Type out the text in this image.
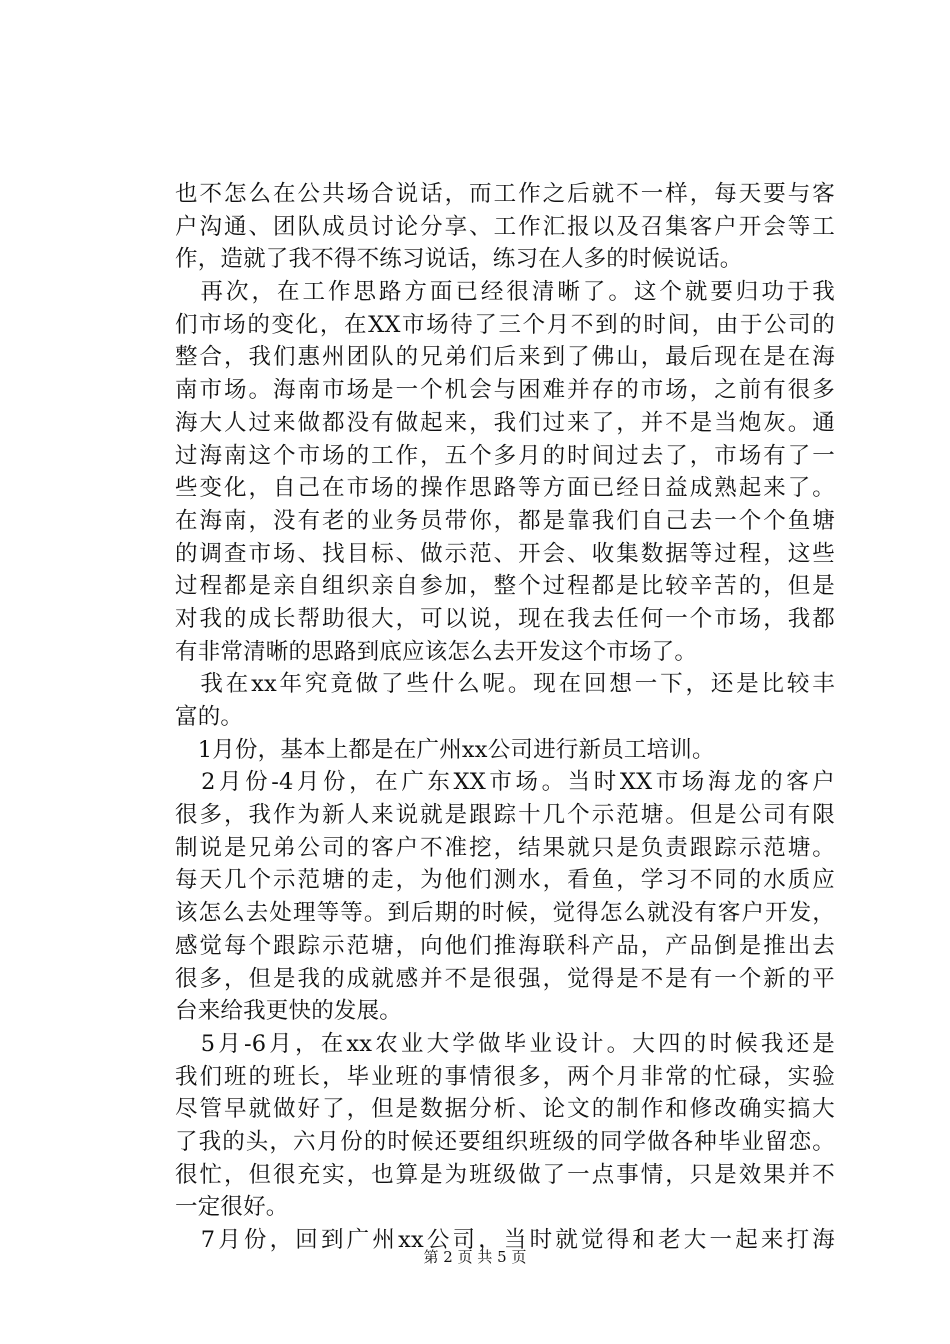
也不怎么在公共场合说话，而工作之后就不一样，每天要与客
户沟通、团队成员讨论分享、工作汇报以及召集客户开会等工
作，造就了我不得不练习说话，练习在人多的时候说话。
　再次，在工作思路方面已经很清晰了。这个就要归功于我
们市场的变化，在XX市场待了三个月不到的时间，由于公司的
整合，我们惠州团队的兄弟们后来到了佛山，最后现在是在海
南市场。海南市场是一个机会与困难并存的市场，之前有很多
海大人过来做都没有做起来，我们过来了，并不是当炮灰。通
过海南这个市场的工作，五个多月的时间过去了，市场有了一
些变化，自己在市场的操作思路等方面已经日益成熟起来了。
在海南，没有老的业务员带你，都是靠我们自己去一个个鱼塘
的调查市场、找目标、做示范、开会、收集数据等过程，这些
过程都是亲自组织亲自参加，整个过程都是比较辛苦的，但是
对我的成长帮助很大，可以说，现在我去任何一个市场，我都
有非常清晰的思路到底应该怎么去开发这个市场了。
　我在xx年究竟做了些什么呢。现在回想一下，还是比较丰
富的。
　1月份，基本上都是在广州xx公司进行新员工培训。
　2月份-4月份，在广东XX市场。当时XX市场海龙的客户
很多，我作为新人来说就是跟踪十几个示范塘。但是公司有限
制说是兄弟公司的客户不准挖，结果就只是负责跟踪示范塘。
每天几个示范塘的走，为他们测水，看鱼，学习不同的水质应
该怎么去处理等等。到后期的时候，觉得怎么就没有客户开发，
感觉每个跟踪示范塘，向他们推海联科产品，产品倒是推出去
很多，但是我的成就感并不是很强，觉得是不是有一个新的平
台来给我更快的发展。
　5月-6月，在xx农业大学做毕业设计。大四的时候我还是
我们班的班长，毕业班的事情很多，两个月非常的忙碌，实验
尽管早就做好了，但是数据分析、论文的制作和修改确实搞大
了我的头，六月份的时候还要组织班级的同学做各种毕业留恋。
很忙，但很充实，也算是为班级做了一点事情，只是效果并不
一定很好。
　7月份，回到广州xx公司，当时就觉得和老大一起来打海
第 2 页 共 5 页
